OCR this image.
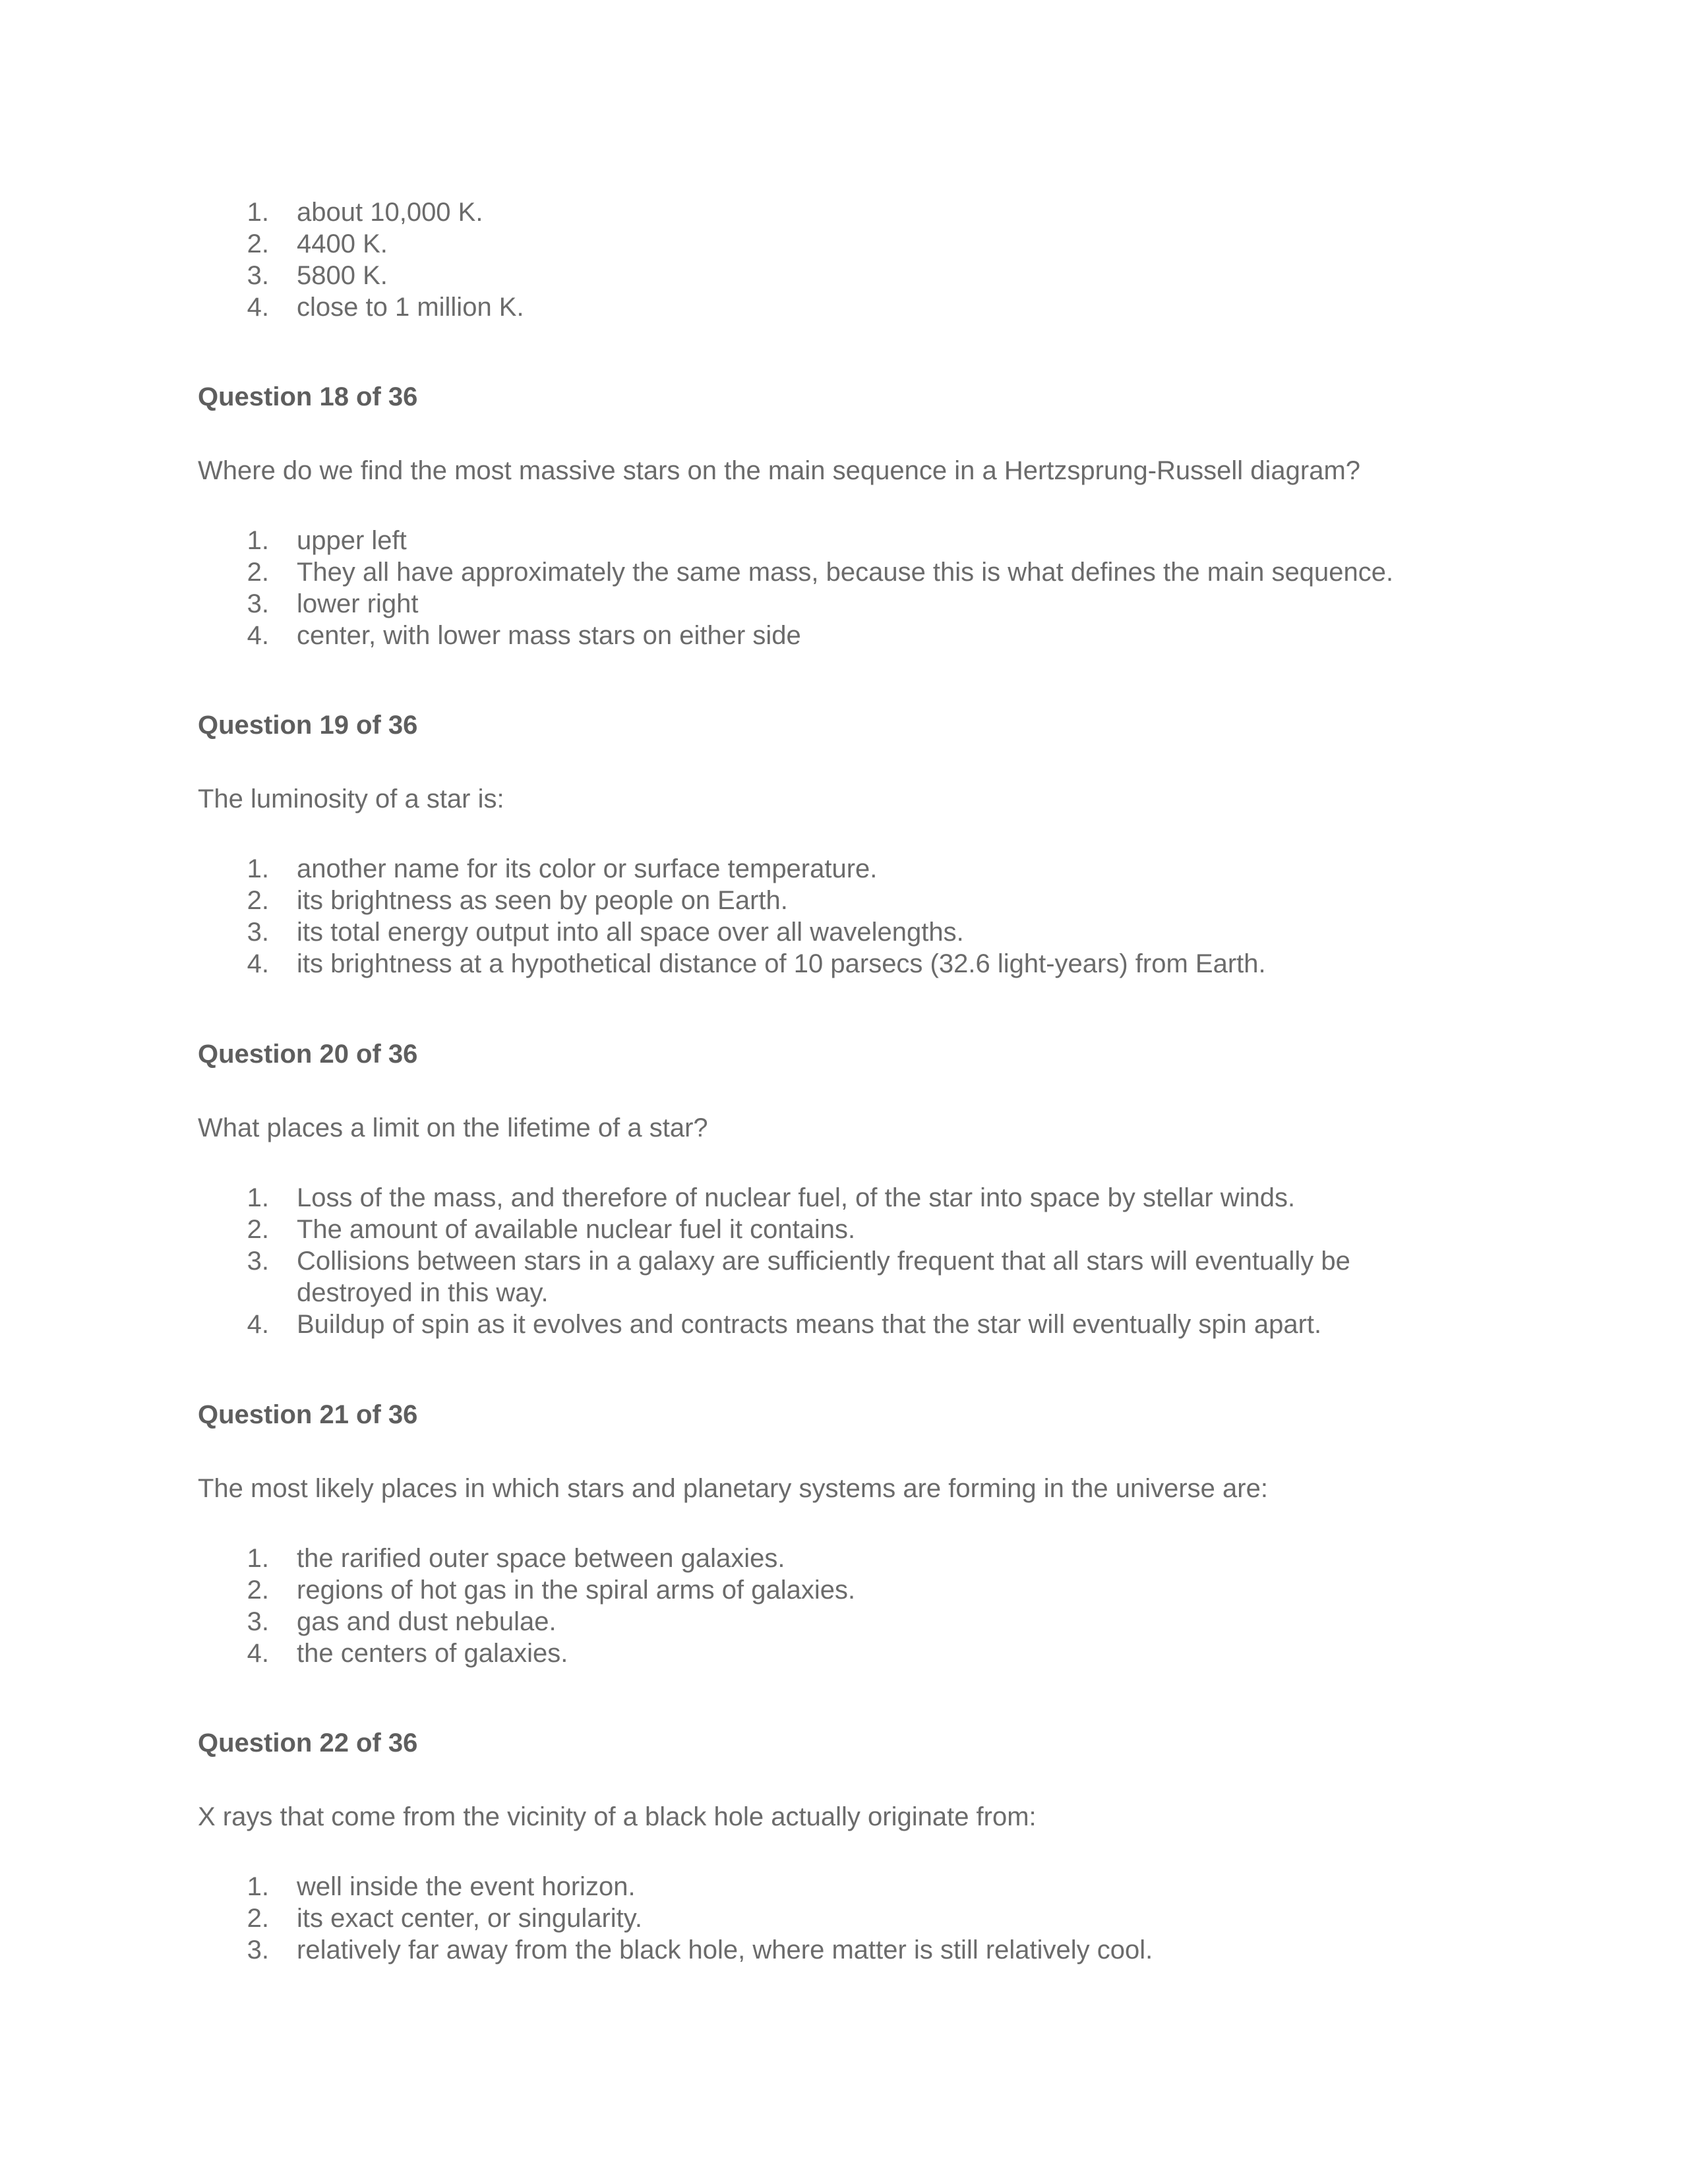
1. about 10,000 K.
2. 4400 K.
3. 5800 K.
4. close to 1 million K.
Question 18 of 36
Where do we find the most massive stars on the main sequence in a Hertzsprung-Russell diagram?
1. upper left
2. They all have approximately the same mass, because this is what defines the main sequence.
3. lower right
4. center, with lower mass stars on either side
Question 19 of 36
The luminosity of a star is:
1. another name for its color or surface temperature.
2. its brightness as seen by people on Earth.
3. its total energy output into all space over all wavelengths.
4. its brightness at a hypothetical distance of 10 parsecs (32.6 light-years) from Earth.
Question 20 of 36
What places a limit on the lifetime of a star?
1. Loss of the mass, and therefore of nuclear fuel, of the star into space by stellar winds.
2. The amount of available nuclear fuel it contains.
3. Collisions between stars in a galaxy are sufficiently frequent that all stars will eventually be destroyed in this way.
4. Buildup of spin as it evolves and contracts means that the star will eventually spin apart.
Question 21 of 36
The most likely places in which stars and planetary systems are forming in the universe are:
1. the rarified outer space between galaxies.
2. regions of hot gas in the spiral arms of galaxies.
3. gas and dust nebulae.
4. the centers of galaxies.
Question 22 of 36
X rays that come from the vicinity of a black hole actually originate from:
1. well inside the event horizon.
2. its exact center, or singularity.
3. relatively far away from the black hole, where matter is still relatively cool.
